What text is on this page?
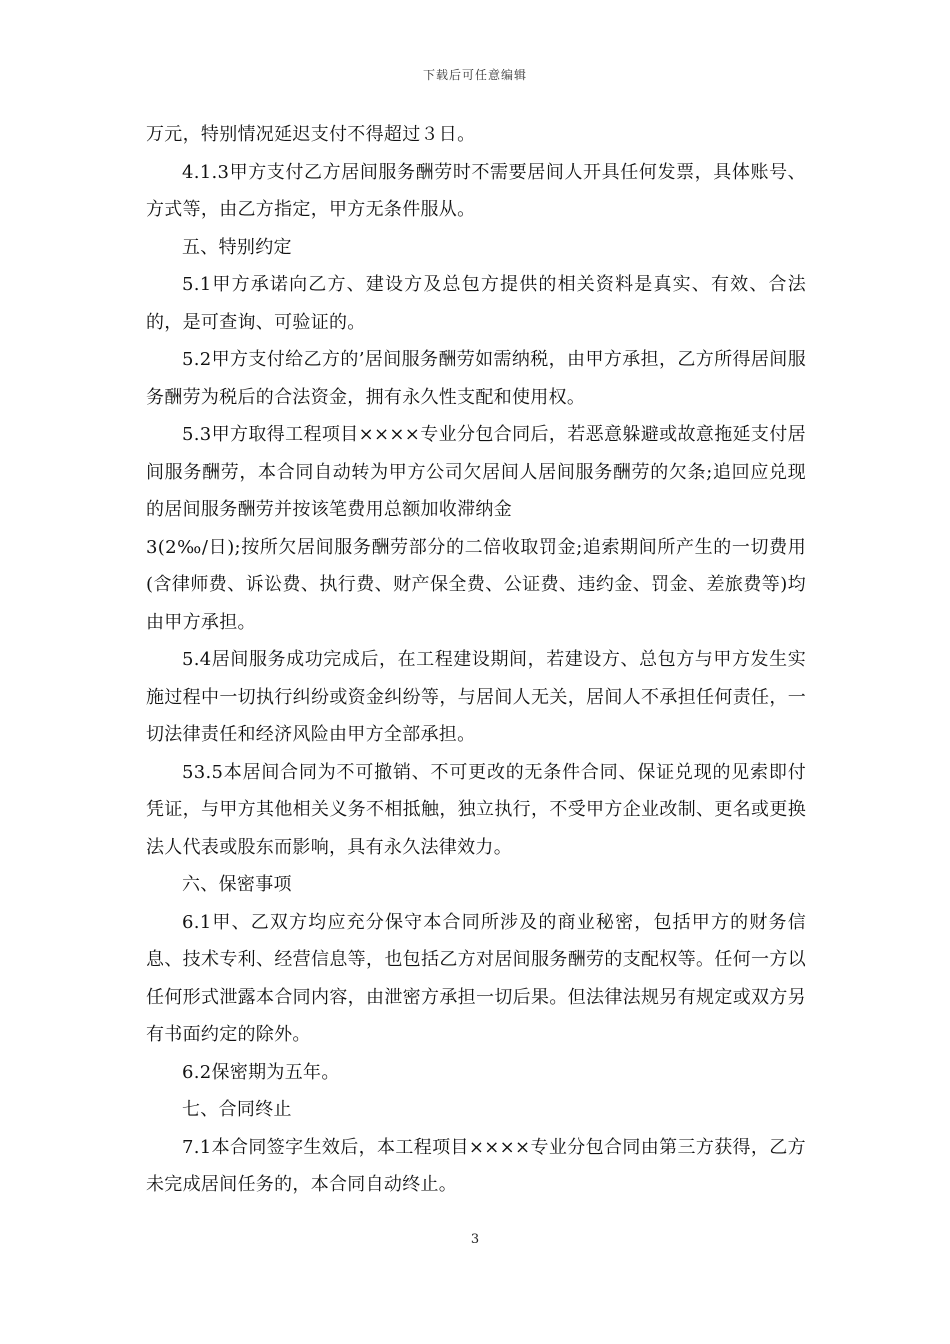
下载后可任意编辑

万元，特别情况延迟支付不得超过３日。

4.1.3甲方支付乙方居间服务酬劳时不需要居间人开具任何发票，具体账号、方式等，由乙方指定，甲方无条件服从。

五、特别约定

5.1甲方承诺向乙方、建设方及总包方提供的相关资料是真实、有效、合法的，是可查询、可验证的。

5.2甲方支付给乙方的’居间服务酬劳如需纳税，由甲方承担，乙方所得居间服务酬劳为税后的合法资金，拥有永久性支配和使用权。

5.3甲方取得工程项目××××专业分包合同后，若恶意躲避或故意拖延支付居间服务酬劳，本合同自动转为甲方公司欠居间人居间服务酬劳的欠条;追回应兑现的居间服务酬劳并按该笔费用总额加收滞纳金

3(2‰/日);按所欠居间服务酬劳部分的二倍收取罚金;追索期间所产生的一切费用(含律师费、诉讼费、执行费、财产保全费、公证费、违约金、罚金、差旅费等)均由甲方承担。

5.4居间服务成功完成后，在工程建设期间，若建设方、总包方与甲方发生实施过程中一切执行纠纷或资金纠纷等，与居间人无关，居间人不承担任何责任，一切法律责任和经济风险由甲方全部承担。

53.5本居间合同为不可撤销、不可更改的无条件合同、保证兑现的见索即付凭证，与甲方其他相关义务不相抵触，独立执行，不受甲方企业改制、更名或更换法人代表或股东而影响，具有永久法律效力。

六、保密事项

6.1甲、乙双方均应充分保守本合同所涉及的商业秘密，包括甲方的财务信息、技术专利、经营信息等，也包括乙方对居间服务酬劳的支配权等。任何一方以任何形式泄露本合同内容，由泄密方承担一切后果。但法律法规另有规定或双方另有书面约定的除外。

6.2保密期为五年。

七、合同终止

7.1本合同签字生效后，本工程项目××××专业分包合同由第三方获得，乙方未完成居间任务的，本合同自动终止。

3
